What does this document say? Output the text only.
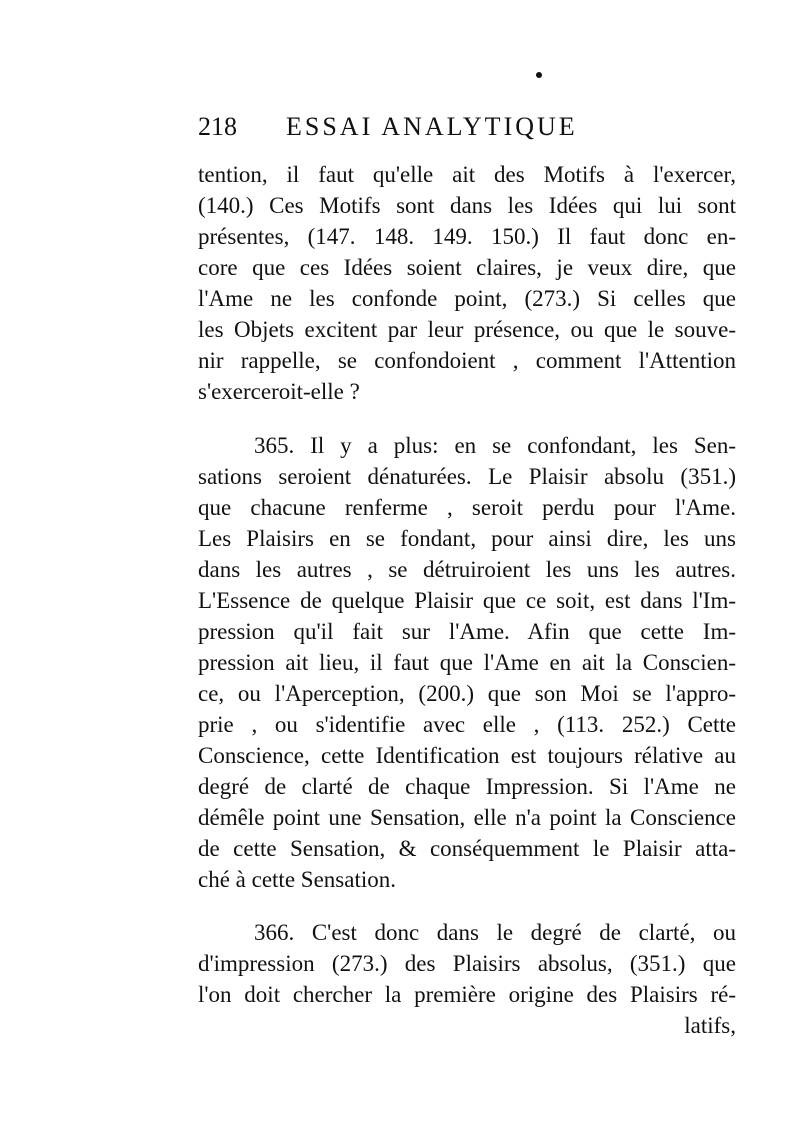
218 ESSAI ANALYTIQUE
tention, il faut qu'elle ait des Motifs à l'exercer,
(140.) Ces Motifs sont dans les Idées qui lui sont
présentes, (147. 148. 149. 150.) Il faut donc en-
core que ces Idées soient claires, je veux dire, que
l'Ame ne les confonde point, (273.) Si celles que
les Objets excitent par leur présence, ou que le souve-
nir rappelle, se confondoient , comment l'Attention
s'exerceroit-elle ?
365. Il y a plus: en se confondant, les Sen-
sations seroient dénaturées. Le Plaisir absolu (351.)
que chacune renferme , seroit perdu pour l'Ame.
Les Plaisirs en se fondant, pour ainsi dire, les uns
dans les autres , se détruiroient les uns les autres.
L'Essence de quelque Plaisir que ce soit, est dans l'Im-
pression qu'il fait sur l'Ame. Afin que cette Im-
pression ait lieu, il faut que l'Ame en ait la Conscien-
ce, ou l'Aperception, (200.) que son Moi se l'appro-
prie , ou s'identifie avec elle , (113. 252.) Cette
Conscience, cette Identification est toujours rélative au
degré de clarté de chaque Impression. Si l'Ame ne
démêle point une Sensation, elle n'a point la Conscience
de cette Sensation, & conséquemment le Plaisir atta-
ché à cette Sensation.
366. C'est donc dans le degré de clarté, ou
d'impression (273.) des Plaisirs absolus, (351.) que
l'on doit chercher la première origine des Plaisirs ré-
latifs,
